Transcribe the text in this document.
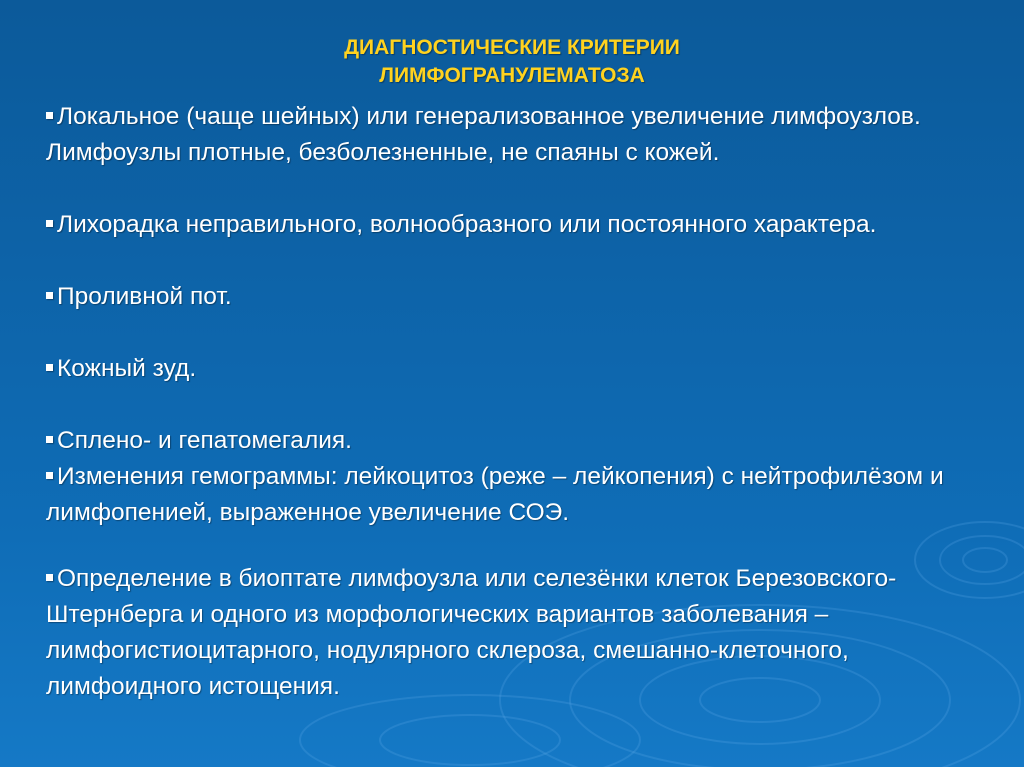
ДИАГНОСТИЧЕСКИЕ КРИТЕРИИ
ЛИМФОГРАНУЛЕМАТОЗА
Локальное (чаще шейных) или генерализованное увеличение лимфоузлов. Лимфоузлы плотные, безболезненные, не спаяны с кожей.
Лихорадка неправильного, волнообразного или постоянного характера.
Проливной пот.
Кожный зуд.
Сплено- и гепатомегалия.
Изменения гемограммы: лейкоцитоз (реже – лейкопения) с нейтрофилёзом и лимфопенией, выраженное увеличение СОЭ.
Определение в биоптате лимфоузла или селезёнки клеток Березовского-Штернберга и одного из морфологических вариантов заболевания – лимфогистиоцитарного, нодулярного склероза, смешанно-клеточного, лимфоидного истощения.
